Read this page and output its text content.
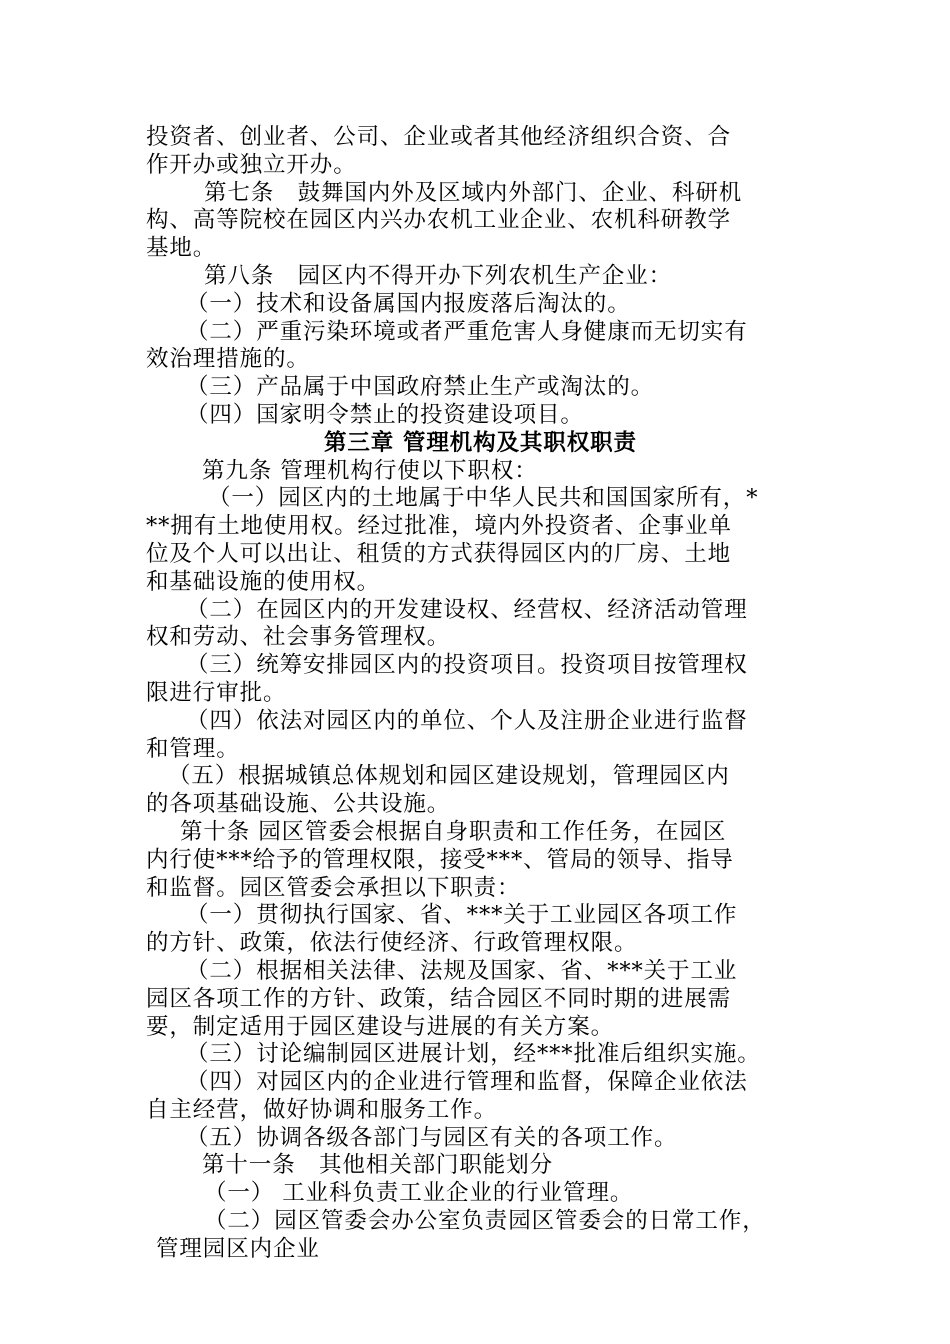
投资者、创业者、公司、企业或者其他经济组织合资、合
作开办或独立开办。
第七条　鼓舞国内外及区域内外部门、企业、科研机
构、高等院校在园区内兴办农机工业企业、农机科研教学
基地。
第八条　园区内不得开办下列农机生产企业：
（一）技术和设备属国内报废落后淘汰的。
（二）严重污染环境或者严重危害人身健康而无切实有
效治理措施的。
（三）产品属于中国政府禁止生产或淘汰的。
（四）国家明令禁止的投资建设项目。
第三章 管理机构及其职权职责
第九条 管理机构行使以下职权：
（一）园区内的土地属于中华人民共和国国家所有，*
**拥有土地使用权。经过批准，境内外投资者、企事业单
位及个人可以出让、租赁的方式获得园区内的厂房、土地
和基础设施的使用权。
（二）在园区内的开发建设权、经营权、经济活动管理
权和劳动、社会事务管理权。
（三）统筹安排园区内的投资项目。投资项目按管理权
限进行审批。
（四）依法对园区内的单位、个人及注册企业进行监督
和管理。
（五）根据城镇总体规划和园区建设规划，管理园区内
的各项基础设施、公共设施。
第十条 园区管委会根据自身职责和工作任务，在园区
内行使***给予的管理权限，接受***、管局的领导、指导
和监督。园区管委会承担以下职责：
（一）贯彻执行国家、省、***关于工业园区各项工作
的方针、政策，依法行使经济、行政管理权限。
（二）根据相关法律、法规及国家、省、***关于工业
园区各项工作的方针、政策，结合园区不同时期的进展需
要，制定适用于园区建设与进展的有关方案。
（三）讨论编制园区进展计划，经***批准后组织实施。
（四）对园区内的企业进行管理和监督，保障企业依法
自主经营，做好协调和服务工作。
（五）协调各级各部门与园区有关的各项工作。
第十一条　其他相关部门职能划分
（一） 工业科负责工业企业的行业管理。
（二）园区管委会办公室负责园区管委会的日常工作，
管理园区内企业
